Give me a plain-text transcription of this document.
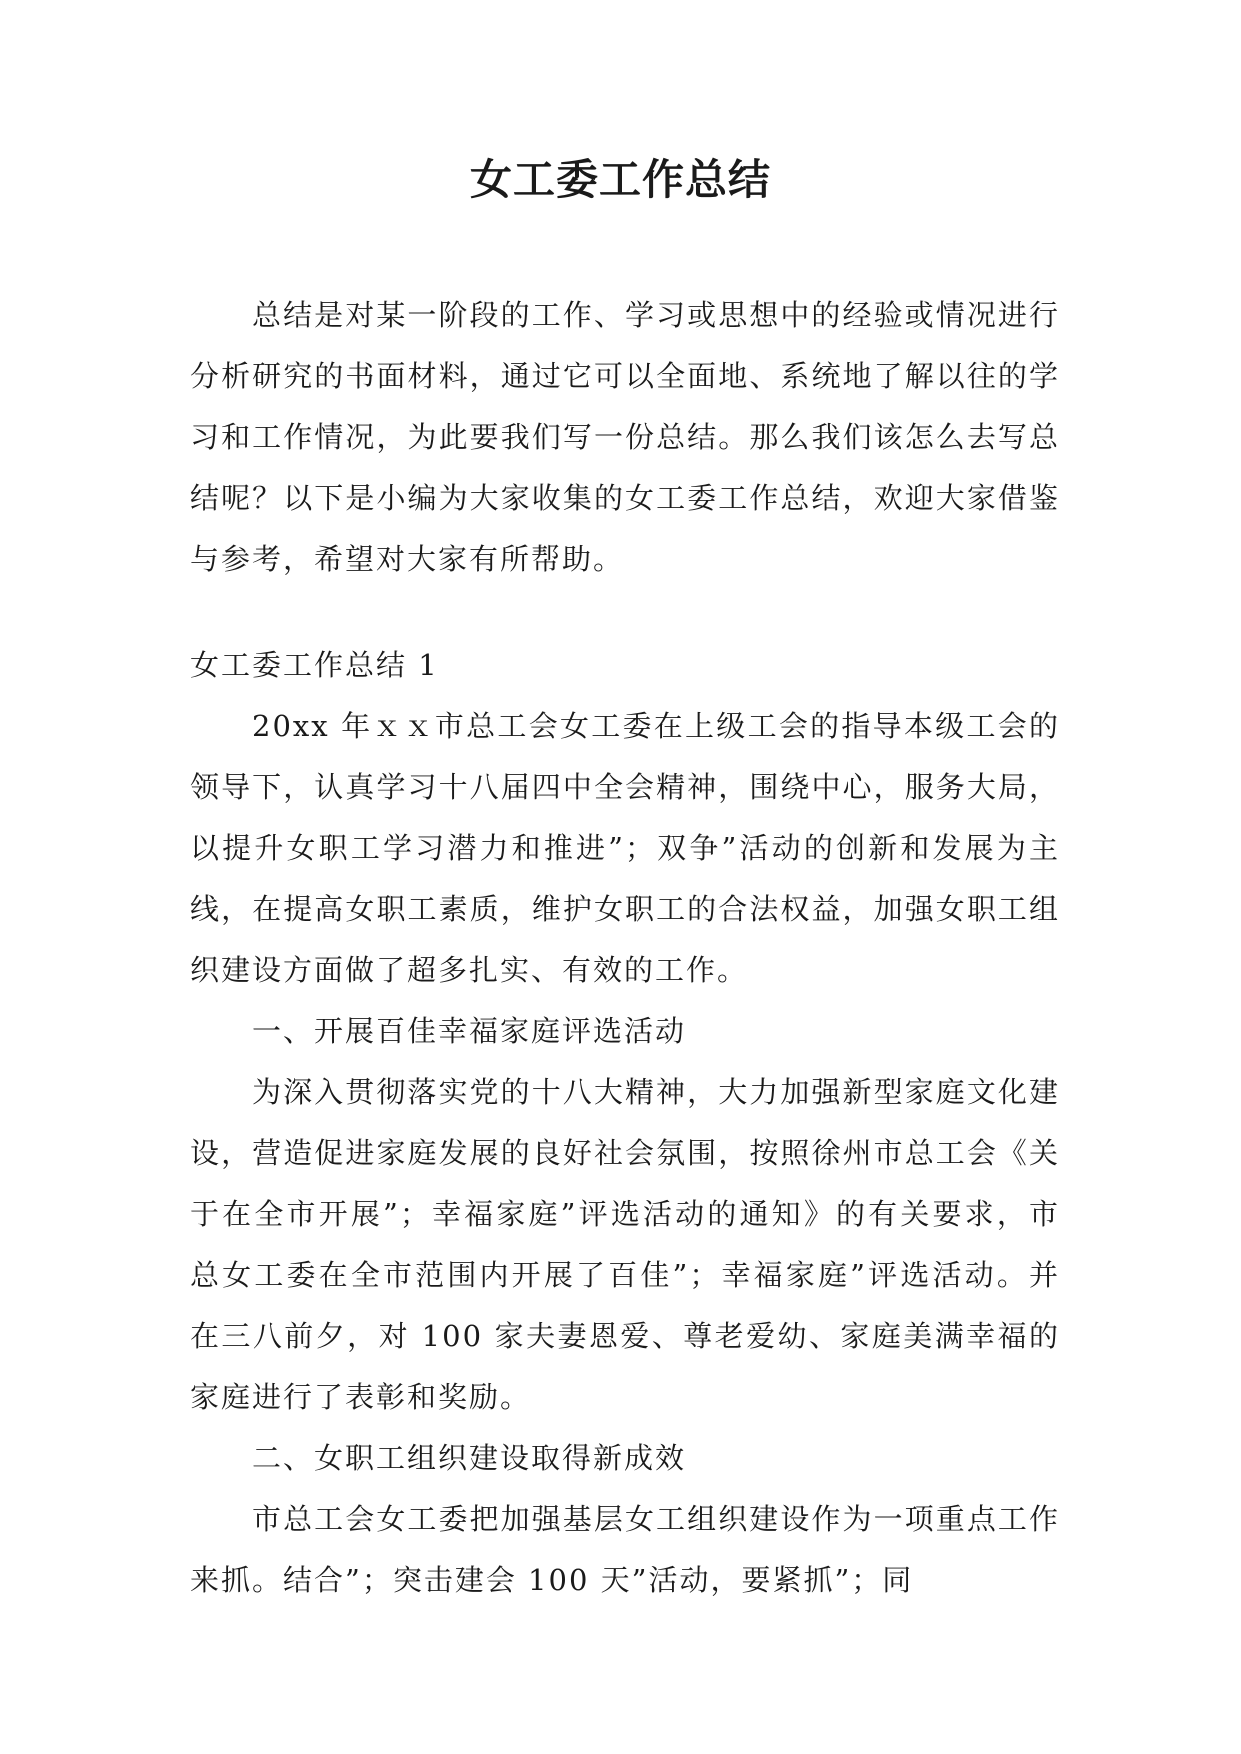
女工委工作总结

总结是对某一阶段的工作、学习或思想中的经验或情况进行分析研究的书面材料，通过它可以全面地、系统地了解以往的学习和工作情况，为此要我们写一份总结。那么我们该怎么去写总结呢？以下是小编为大家收集的女工委工作总结，欢迎大家借鉴与参考，希望对大家有所帮助。

女工委工作总结 1

20xx 年ｘｘ市总工会女工委在上级工会的指导本级工会的领导下，认真学习十八届四中全会精神，围绕中心，服务大局，以提升女职工学习潜力和推进”；双争”活动的创新和发展为主线，在提高女职工素质，维护女职工的合法权益，加强女职工组织建设方面做了超多扎实、有效的工作。

一、开展百佳幸福家庭评选活动

为深入贯彻落实党的十八大精神，大力加强新型家庭文化建设，营造促进家庭发展的良好社会氛围，按照徐州市总工会《关于在全市开展”；幸福家庭”评选活动的通知》的有关要求，市总女工委在全市范围内开展了百佳”；幸福家庭”评选活动。并在三八前夕，对 100 家夫妻恩爱、尊老爱幼、家庭美满幸福的家庭进行了表彰和奖励。

二、女职工组织建设取得新成效

市总工会女工委把加强基层女工组织建设作为一项重点工作来抓。结合”；突击建会 100 天”活动，要紧抓”；同
